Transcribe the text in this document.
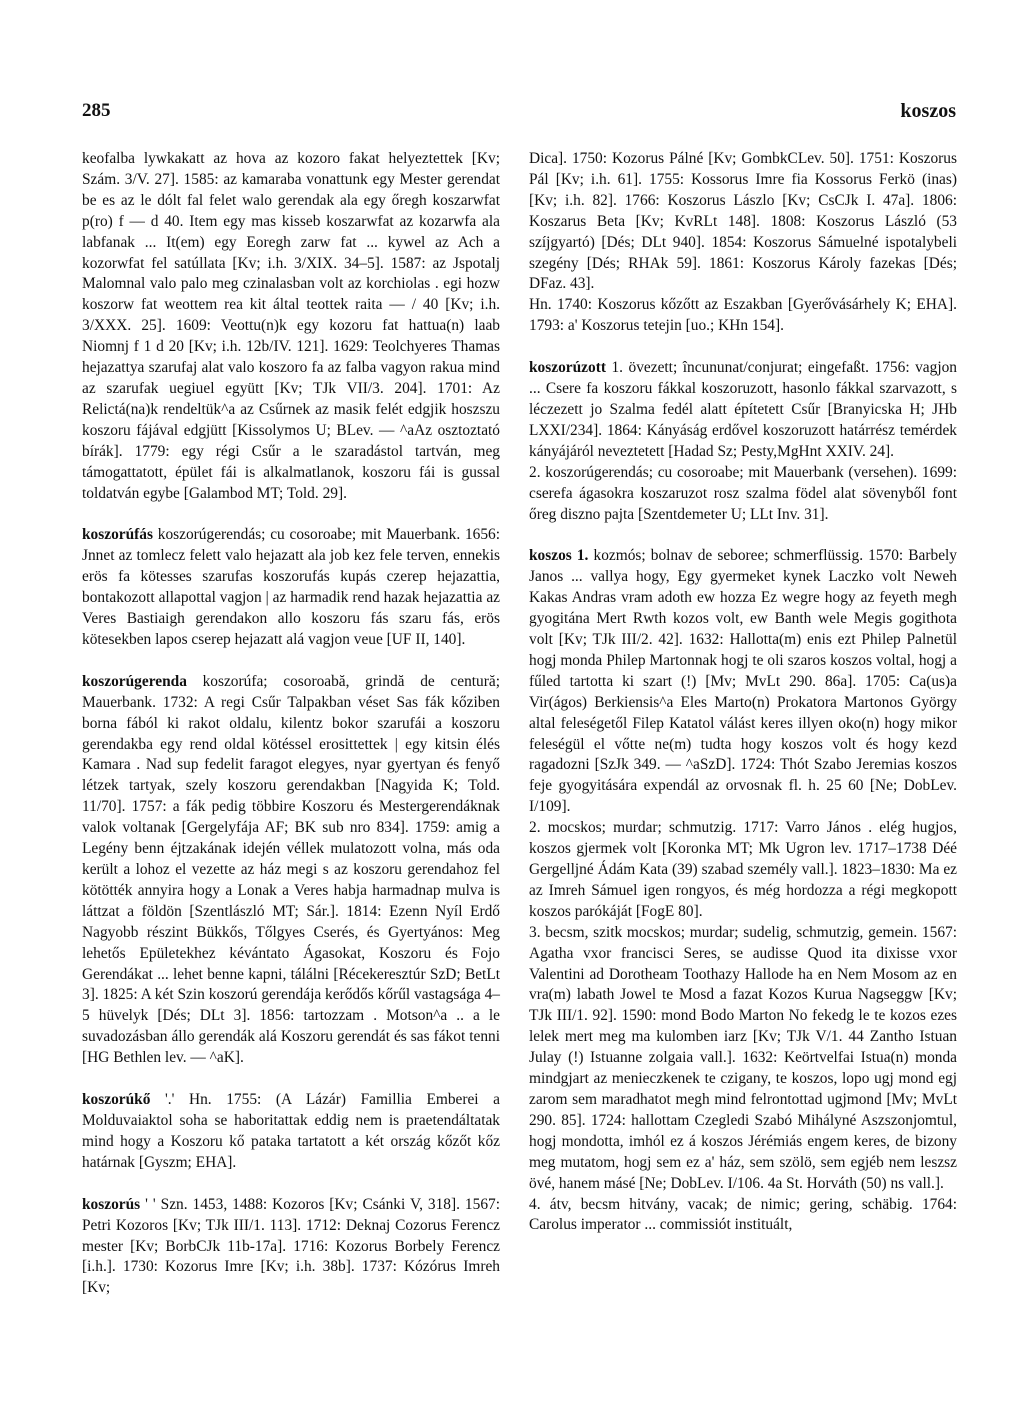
285	koszos

keofalba lywkakatt az hova az kozoro fakat helyeztettek [Kv; Szám. 3/V. 27]. 1585: az kamaraba vonattunk egy Mester gerendat be es az le dólt fal felet walo gerendak ala egy őregh koszarwfat p(ro) f — d 40. Item egy mas kisseb koszarwfat az kozarwfa ala labfanak ... It(em) egy Eoregh zarw fat ... kywel az Ach a kozorwfat fel satúllata [Kv; i.h. 3/XIX. 34–5]. 1587: az Jspotalj Malomnal valo palo meg czinalasban volt az korchiolas . egi hozw koszorw fat weottem rea kit által teottek raita — / 40 [Kv; i.h. 3/XXX. 25]. 1609: Veottu(n)k egy kozoru fat hattua(n) laab Niomnj f 1 d 20 [Kv; i.h. 12b/IV. 121]. 1629: Teolchyeres Thamas hejazattya szarufaj alat valo koszoro fa az falba vagyon rakua mind az szarufak uegiuel együtt [Kv; TJk VII/3. 204]. 1701: Az Relictá(na)k rendeltük^a az Csűrnek az masik felét edgjik hoszszu koszoru fájával edgjütt [Kissolymos U; BLev. — ^aAz osztoztató bírák]. 1779: egy régi Csűr a le szaradástol tartván, meg támogattatott, épület fái is alkalmatlanok, koszoru fái is gussal toldatván egybe [Galambod MT; Told. 29].

koszorúfás koszorúgerendás; cu cosoroabe; mit Mauerbank. 1656: Jnnet az tomlecz felett valo hejazatt ala job kez fele terven, ennekis erös fa kötesses szarufas koszorufás kupás czerep hejazattia, bontakozott allapottal vagjon | az harmadik rend hazak hejazattia az Veres Bastiaigh gerendakon allo koszoru fás szaru fás, erös kötesekben lapos cserep hejazatt alá vagjon veue [UF II, 140].

koszorúgerenda koszorúfa; cosoroabă, grindă de centură; Mauerbank. 1732: A regi Csűr Talpakban véset Sas fák kőziben borna fából ki rakot oldalu, kilentz bokor szarufái a koszoru gerendakba egy rend oldal kötéssel erosittettek | egy kitsin élés Kamara . Nad sup fedelit faragot elegyes, nyar gyertyan és fenyő létzek tartyak, szely koszoru gerendakban [Nagyida K; Told. 11/70]. 1757: a fák pedig többire Koszoru és Mestergerendáknak valok voltanak [Gergelyfája AF; BK sub nro 834]. 1759: amig a Legény benn éjtzakának idején véllek mulatozott volna, más oda került a lohoz el vezette az ház megi s az koszoru gerendahoz fel kötötték annyira hogy a Lonak a Veres habja harmadnap mulva is láttzat a földön [Szentlászló MT; Sár.]. 1814: Ezenn Nyíl Erdő Nagyobb részint Bükkős, Tőlgyes Cserés, és Gyertyános: Meg lehetős Epületekhez kévántato Ágasokat, Koszoru és Fojo Gerendákat ... lehet benne kapni, tálálni [Récekeresztúr SzD; BetLt 3]. 1825: A két Szin koszorú gerendája kerődős kőrűl vastagsága 4–5 hüvelyk [Dés; DLt 3]. 1856: tartozzam . Motson^a .. a le suvadozásban állo gerendák alá Koszoru gerendát és sas fákot tenni [HG Bethlen lev. — ^aK].

koszorúkő '.' Hn. 1755: (A Lázár) Famillia Emberei a Molduvaiaktol soha se haboritattak eddig nem is praetendáltatak mind hogy a Koszoru kő pataka tartatott a két ország kőzőt kőz határnak [Gyszm; EHA].

koszorús ' ' Szn. 1453, 1488: Kozoros [Kv; Csánki V, 318]. 1567: Petri Kozoros [Kv; TJk III/1. 113]. 1712: Deknaj Cozorus Ferencz mester [Kv; BorbCJk 11b-17a]. 1716: Kozorus Borbely Ferencz [i.h.]. 1730: Kozorus Imre [Kv; i.h. 38b]. 1737: Kózórus Imreh [Kv;

Dica]. 1750: Kozorus Pálné [Kv; GombkCLev. 50]. 1751: Koszorus Pál [Kv; i.h. 61]. 1755: Kossorus Imre fia Kossorus Ferkö (inas) [Kv; i.h. 82]. 1766: Koszorus Lászlo [Kv; CsCJk I. 47a]. 1806: Koszarus Beta [Kv; KvRLt 148]. 1808: Koszorus László (53 szíjgyartó) [Dés; DLt 940]. 1854: Koszorus Sámuelné ispotalybeli szegény [Dés; RHAk 59]. 1861: Koszorus Károly fazekas [Dés; DFaz. 43].

Hn. 1740: Koszorus kőzőtt az Eszakban [Gyerővásárhely K; EHA]. 1793: a' Koszorus tetejin [uo.; KHn 154].

koszorúzott 1. övezett; încununat/conjurat; eingefaßt. 1756: vagjon ... Csere fa koszoru fákkal koszoruzott, hasonlo fákkal szarvazott, s léczezett jo Szalma fedél alatt építetett Csűr [Branyicska H; JHb LXXI/234]. 1864: Kányáság erdővel koszoruzott határrész temérdek kányájáról neveztetett [Hadad Sz; Pesty,MgHnt XXIV. 24].

2. koszorúgerendás; cu cosoroabe; mit Mauerbank (versehen). 1699: cserefa ágasokra koszaruzot rosz szalma födel alat sövenyből font őreg diszno pajta [Szentdemeter U; LLt Inv. 31].

koszos 1. kozmós; bolnav de seboree; schmerflüssig. 1570: Barbely Janos ... vallya hogy, Egy gyermeket kynek Laczko volt Neweh Kakas Andras vram adoth ew hozza Ez wegre hogy az feyeth megh gyogitána Mert Rwth kozos volt, ew Banth wele Megis gogithota volt [Kv; TJk III/2. 42]. 1632: Hallotta(m) enis ezt Philep Palnetül hogj monda Philep Martonnak hogj te oli szaros koszos voltal, hogj a fűled tartotta ki szart (!) [Mv; MvLt 290. 86a]. 1705: Ca(us)a Vir(ágos) Berkiensis^a Eles Marto(n) Prokatora Martonos György altal feleségetől Filep Katatol válást keres illyen oko(n) hogy mikor feleségül el vőtte ne(m) tudta hogy koszos volt és hogy kezd ragadozni [SzJk 349. — ^aSzD]. 1724: Thót Szabo Jeremias koszos feje gyogyitására expendál az orvosnak fl. h. 25 60 [Ne; DobLev. I/109].

2. mocskos; murdar; schmutzig. 1717: Varro János . elég hugjos, koszos gjermek volt [Koronka MT; Mk Ugron lev. 1717–1738 Déé Gergelljné Ádám Kata (39) szabad személy vall.]. 1823–1830: Ma ez az Imreh Sámuel igen rongyos, és még hordozza a régi megkopott koszos parókáját [FogE 80].

3. becsm, szitk mocskos; murdar; sudelig, schmutzig, gemein. 1567: Agatha vxor francisci Seres, se audisse Quod ita dixisse vxor Valentini ad Dorotheam Toothazy Hallode ha en Nem Mosom az en vra(m) labath Jowel te Mosd a fazat Kozos Kurua Nagseggw [Kv; TJk III/1. 92]. 1590: mond Bodo Marton No fekedg le te kozos ezes lelek mert meg ma kulomben iarz [Kv; TJk V/1. 44 Zantho Istuan Julay (!) Istuanne zolgaia vall.]. 1632: Keörtvelfai Istua(n) monda mindgjart az menieczkenek te czigany, te koszos, lopo ugj mond egj zarom sem maradhatot megh mind felrontottad ugjmond [Mv; MvLt 290. 85]. 1724: hallottam Czegledi Szabó Mihályné Aszszonjomtul, hogj mondotta, imhól ez á koszos Jérémiás engem keres, de bizony meg mutatom, hogj sem ez a' ház, sem szölö, sem egjéb nem leszsz övé, hanem másé [Ne; DobLev. I/106. 4a St. Horváth (50) ns vall.].

4. átv, becsm hitvány, vacak; de nimic; gering, schäbig. 1764: Carolus imperator ... commissiót instituált,
